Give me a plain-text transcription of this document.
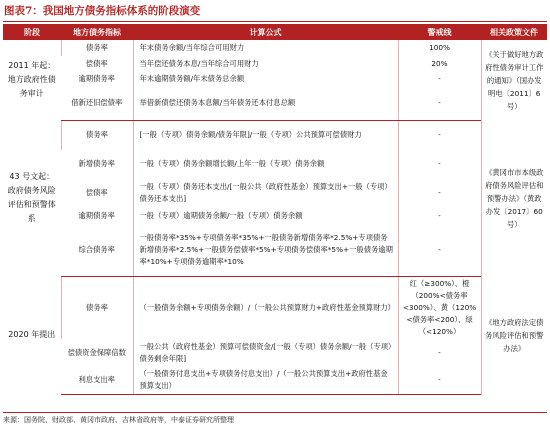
图表7：我国地方债务指标体系的阶段演变
阶段	地方债务指标	计算公式	警戒线	相关政策文件
2011 年起：地方政府性债务审计	债务率	年末债务余额/当年综合可用财力	100%	《关于做好地方政府性债务审计工作的通知》（国办发明电〔2011〕6 号）
	偿债率	当年偿还债务本息/当年综合可用财力	20%	
	逾期债务率	年末逾期债务额/年末债务总余额	-	
	借新还旧偿债率	举借新债偿还债务本息额/当年债务还本付息总额	-	
43 号文起：政府债务风险评估和预警体系	债务率	[一般（专项）债务余额/债务年限]/一般（专项）公共预算可偿债财力	-	《黄冈市市本级政府债务风险评估和预警办法》（黄政办发〔2017〕60 号）
	新增债务率	一般（专项）债务余额增长额/上年一般（专项）债务余额	-	
	偿债率	一般（专项）债务还本支出/[一般公共（政府性基金）预算支出+一般（专项）债务还本支出]	-	
	逾期债务率	一般（专项）逾期债务余额/一般（专项）债务余额	-	
	综合债务率	一般债务率*35%+专项债务率*35%+一般债务新增债务率*2.5%+专项债务新增债务率*2.5%+一般债务偿债率*5%+专项债务偿债率*5%+一般债务逾期率*10%+专项债务逾期率*10%	-	
2020 年提出	债务率	（一般债务余额+专项债务余额）/（一般公共预算财力+政府性基金预算财力）	红（≥300%）、橙（200%<债务率<300%）、黄（120%<债务率<200）、绿（<120%）	《地方政府法定债务风险评估和预警办法》
	偿债资金保障倍数	一般公共（政府性基金）预算可偿债资金/[一般（专项）债务余额/一般（专项）债务剩余年限]	-	
	利息支出率	（一般债务付息支出+专项债务付息支出）/（一般公共预算支出+政府性基金预算支出）	-	
来源：国务院、财政部、黄冈市政府、吉林省政府等，中泰证券研究所整理
